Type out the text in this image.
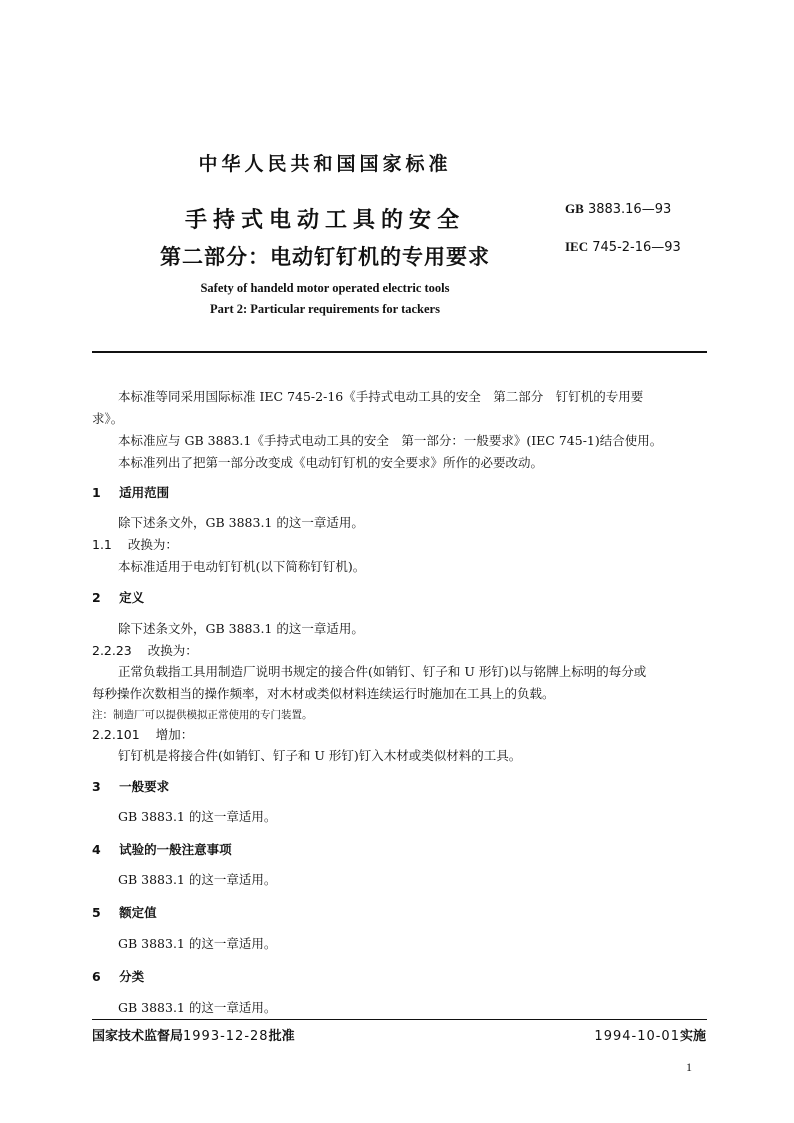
中华人民共和国国家标准
手持式电动工具的安全
第二部分：电动钉钉机的专用要求
GB 3883.16—93
IEC 745-2-16—93
Safety of handeld motor operated electric tools
Part 2: Particular requirements for tackers
本标准等同采用国际标准 IEC 745-2-16《手持式电动工具的安全　第二部分　钉钉机的专用要
求》。
本标准应与 GB 3883.1《手持式电动工具的安全　第一部分：一般要求》(IEC 745-1)结合使用。
本标准列出了把第一部分改变成《电动钉钉机的安全要求》所作的必要改动。
1 适用范围
除下述条文外，GB 3883.1 的这一章适用。
1.1 改换为：
本标准适用于电动钉钉机(以下简称钉钉机)。
2 定义
除下述条文外，GB 3883.1 的这一章适用。
2.2.23 改换为：
正常负载指工具用制造厂说明书规定的接合件(如销钉、钉子和 U 形钉)以与铭牌上标明的每分或
每秒操作次数相当的操作频率，对木材或类似材料连续运行时施加在工具上的负载。
注：制造厂可以提供模拟正常使用的专门装置。
2.2.101 增加：
钉钉机是将接合件(如销钉、钉子和 U 形钉)钉入木材或类似材料的工具。
3 一般要求
GB 3883.1 的这一章适用。
4 试验的一般注意事项
GB 3883.1 的这一章适用。
5 额定值
GB 3883.1 的这一章适用。
6 分类
GB 3883.1 的这一章适用。
国家技术监督局1993-12-28批准	1994-10-01实施
1
